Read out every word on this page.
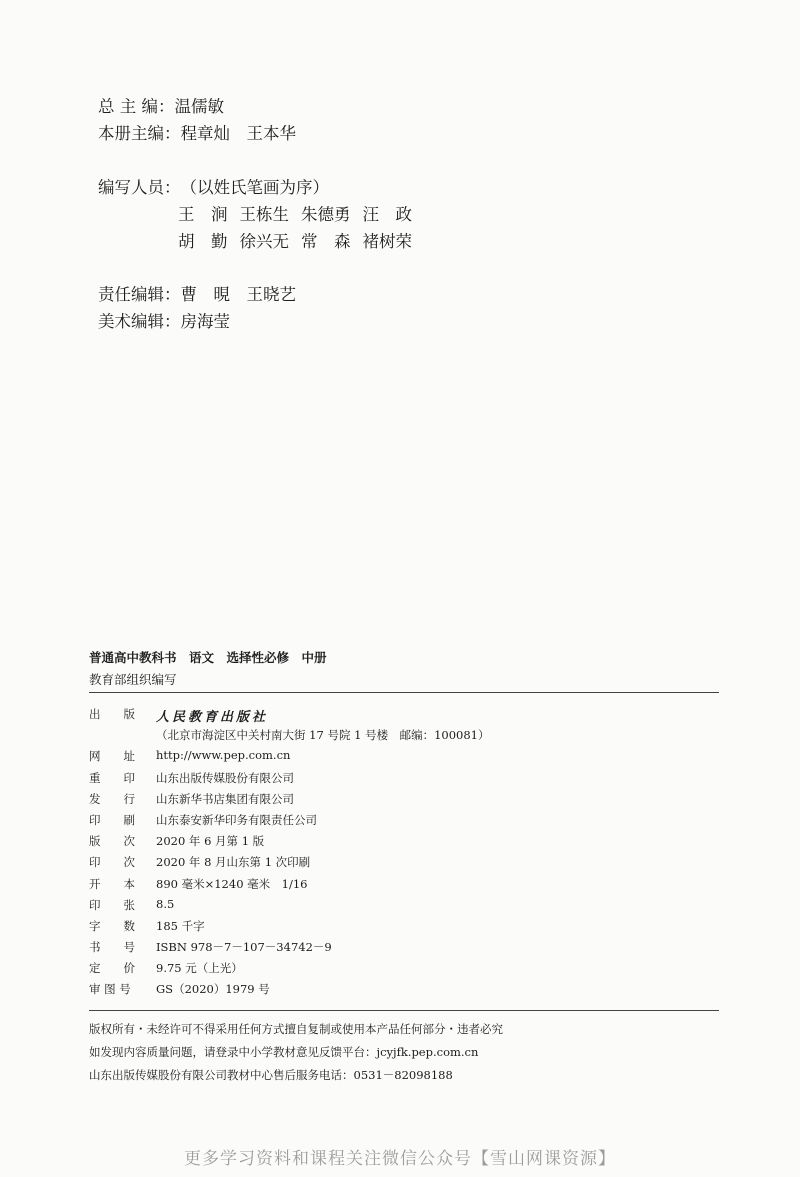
总 主 编：温儒敏
本册主编：程章灿　王本华
编写人员：（以姓氏笔画为序）
王　涧 王栋生 朱德勇 汪　政
胡　勤 徐兴无 常　森 褚树荣
责任编辑：曹　晛　王晓艺
美术编辑：房海莹
普通高中教科书　语文　选择性必修　中册
教育部组织编写
出　　版	人民教育出版社
（北京市海淀区中关村南大街 17 号院 1 号楼　邮编：100081）
网　　址	http://www.pep.com.cn
重　　印	山东出版传媒股份有限公司
发　　行	山东新华书店集团有限公司
印　　刷	山东泰安新华印务有限责任公司
版　　次	2020 年 6 月第 1 版
印　　次	2020 年 8 月山东第 1 次印刷
开　　本	890 毫米×1240 毫米　1/16
印　　张	8.5
字　　数	185 千字
书　　号	ISBN 978－7－107－34742－9
定　　价	9.75 元（上光）
审 图 号	GS（2020）1979 号
版权所有・未经许可不得采用任何方式擅自复制或使用本产品任何部分・违者必究
如发现内容质量问题，请登录中小学教材意见反馈平台：jcyjfk.pep.com.cn
山东出版传媒股份有限公司教材中心售后服务电话：0531－82098188
更多学习资料和课程关注微信公众号【雪山网课资源】
